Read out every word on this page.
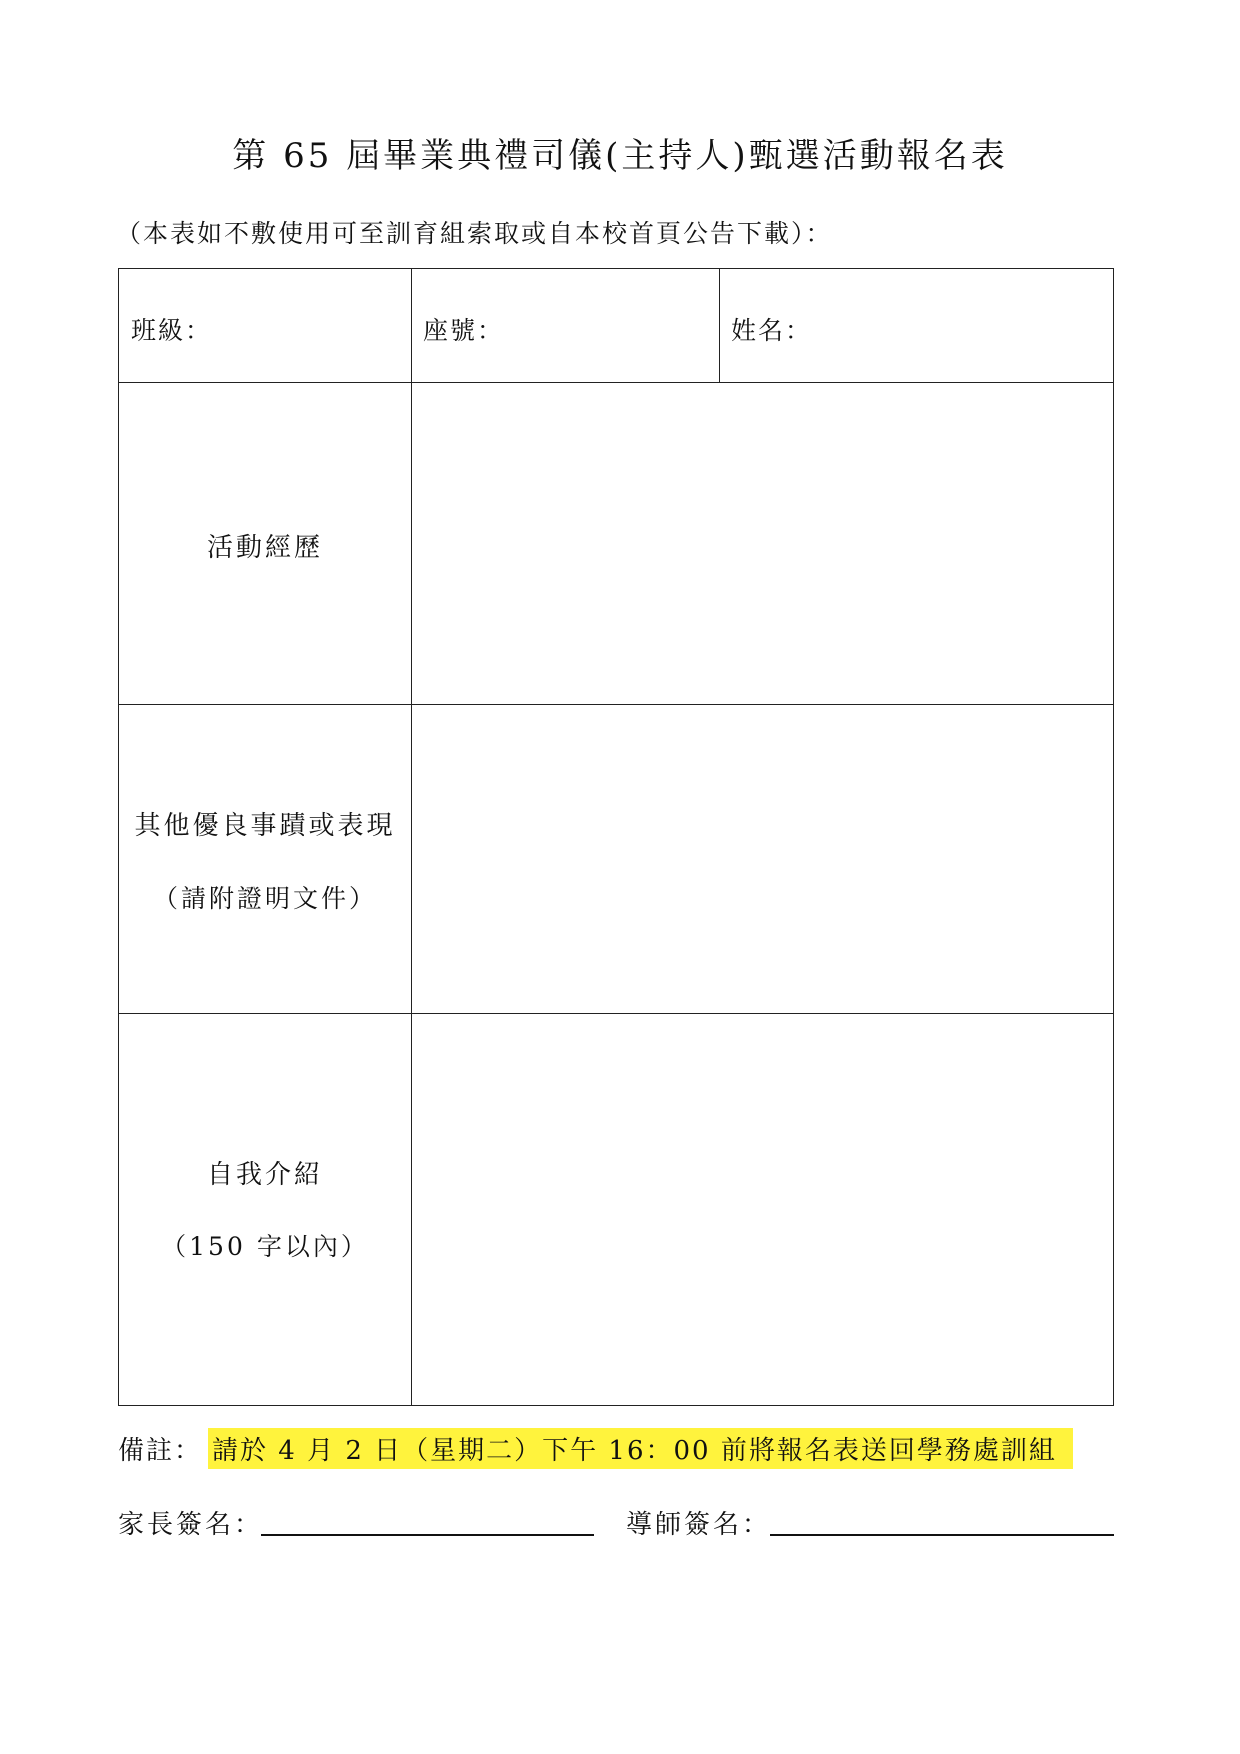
第 65 屆畢業典禮司儀(主持人)甄選活動報名表
（本表如不敷使用可至訓育組索取或自本校首頁公告下載）：
班級：	座號：	姓名：
活動經歷
其他優良事蹟或表現
（請附證明文件）
自我介紹
（150 字以內）
備註： 請於 4 月 2 日（星期二）下午 16：00 前將報名表送回學務處訓組
家長簽名：	導師簽名：
